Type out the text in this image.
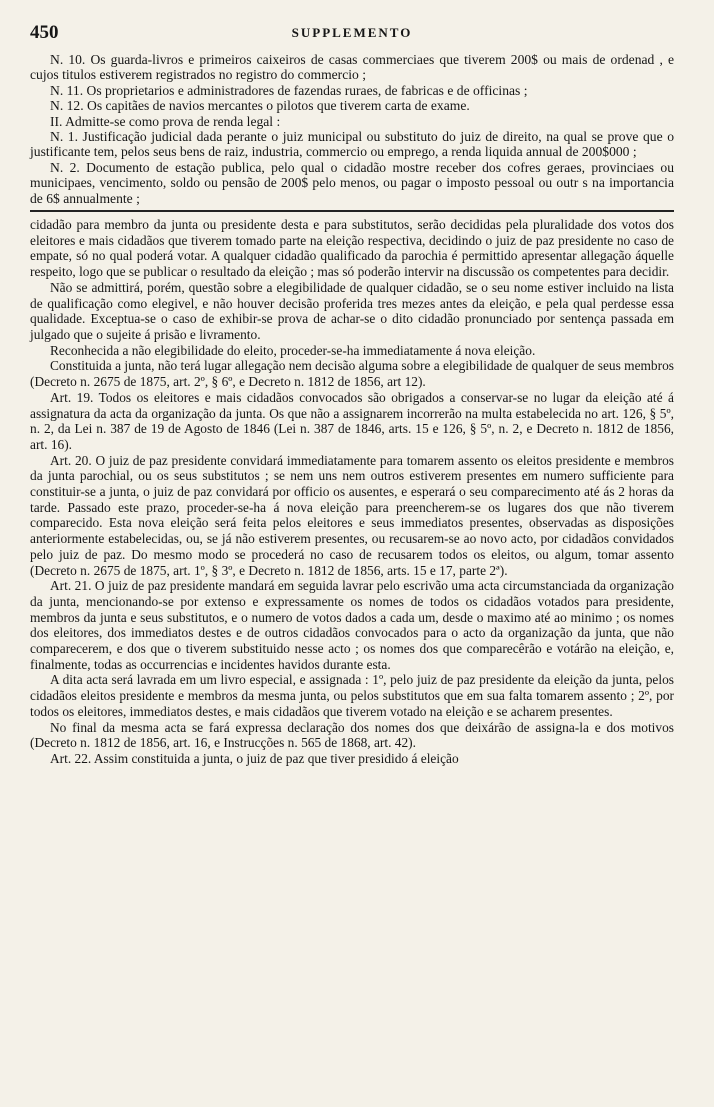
450	SUPPLEMENTO

N. 10. Os guarda-livros e primeiros caixeiros de casas commerciaes que tiverem 200$ ou mais de ordenad , e cujos titulos estiverem registrados no registro do commercio ;

N. 11. Os proprietarios e administradores de fazendas ruraes, de fabricas e de officinas ;

N. 12. Os capitães de navios mercantes o pilotos que tiverem carta de exame.

II. Admitte-se como prova de renda legal :

N. 1. Justificação judicial dada perante o juiz municipal ou substituto do juiz de direito, na qual se prove que o justificante tem, pelos seus bens de raiz, industria, commercio ou emprego, a renda liquida annual de 200$000 ;

N. 2. Documento de estação publica, pelo qual o cidadão mostre receber dos cofres geraes, provinciaes ou municipaes, vencimento, soldo ou pensão de 200$ pelo menos, ou pagar o imposto pessoal ou outr s na importancia de 6$ annualmente ;

cidadão para membro da junta ou presidente desta e para substitutos, serão decididas pela pluralidade dos votos dos eleitores e mais cidadãos que tiverem tomado parte na eleição respectiva, decidindo o juiz de paz presidente no caso de empate, só no qual poderá votar. A qualquer cidadão qualificado da parochia é permittido apresentar allegação áquelle respeito, logo que se publicar o resultado da eleição ; mas só poderão intervir na discussão os competentes para decidir.

Não se admittirá, porém, questão sobre a elegibilidade de qualquer cidadão, se o seu nome estiver incluido na lista de qualificação como elegivel, e não houver decisão proferida tres mezes antes da eleição, e pela qual perdesse essa qualidade. Exceptua-se o caso de exhibir-se prova de achar-se o dito cidadão pronunciado por sentença passada em julgado que o sujeite á prisão e livramento.

Reconhecida a não elegibilidade do eleito, proceder-se-ha immediatamente á nova eleição.

Constituida a junta, não terá lugar allegação nem decisão alguma sobre a elegibilidade de qualquer de seus membros (Decreto n. 2675 de 1875, art. 2º, § 6º, e Decreto n. 1812 de 1856, art 12).

Art. 19. Todos os eleitores e mais cidadãos convocados são obrigados a conservar-se no lugar da eleição até á assignatura da acta da organização da junta. Os que não a assignarem incorrerão na multa estabelecida no art. 126, § 5º, n. 2, da Lei n. 387 de 19 de Agosto de 1846 (Lei n. 387 de 1846, arts. 15 e 126, § 5º, n. 2, e Decreto n. 1812 de 1856, art. 16).

Art. 20. O juiz de paz presidente convidará immediatamente para tomarem assento os eleitos presidente e membros da junta parochial, ou os seus substitutos ; se nem uns nem outros estiverem presentes em numero sufficiente para constituir-se a junta, o juiz de paz convidará por officio os ausentes, e esperará o seu comparecimento até ás 2 horas da tarde. Passado este prazo, proceder-se-ha á nova eleição para preencherem-se os lugares dos que não tiverem comparecido. Esta nova eleição será feita pelos eleitores e seus immediatos presentes, observadas as disposições anteriormente estabelecidas, ou, se já não estiverem presentes, ou recusarem-se ao novo acto, por cidadãos convidados pelo juiz de paz. Do mesmo modo se procederá no caso de recusarem todos os eleitos, ou algum, tomar assento (Decreto n. 2675 de 1875, art. 1º, § 3º, e Decreto n. 1812 de 1856, arts. 15 e 17, parte 2ª).

Art. 21. O juiz de paz presidente mandará em seguida lavrar pelo escrivão uma acta circumstanciada da organização da junta, mencionando-se por extenso e expressamente os nomes de todos os cidadãos votados para presidente, membros da junta e seus substitutos, e o numero de votos dados a cada um, desde o maximo até ao minimo ; os nomes dos eleitores, dos immediatos destes e de outros cidadãos convocados para o acto da organização da junta, que não comparecerem, e dos que o tiverem substituido nesse acto ; os nomes dos que comparecêrão e votárão na eleição, e, finalmente, todas as occurrencias e incidentes havidos durante esta.

A dita acta será lavrada em um livro especial, e assignada : 1º, pelo juiz de paz presidente da eleição da junta, pelos cidadãos eleitos presidente e membros da mesma junta, ou pelos substitutos que em sua falta tomarem assento ; 2º, por todos os eleitores, immediatos destes, e mais cidadãos que tiverem votado na eleição e se acharem presentes.

No final da mesma acta se fará expressa declaração dos nomes dos que deixárão de assigna-la e dos motivos (Decreto n. 1812 de 1856, art. 16, e Instrucções n. 565 de 1868, art. 42).

Art. 22. Assim constituida a junta, o juiz de paz que tiver presidido á eleição
